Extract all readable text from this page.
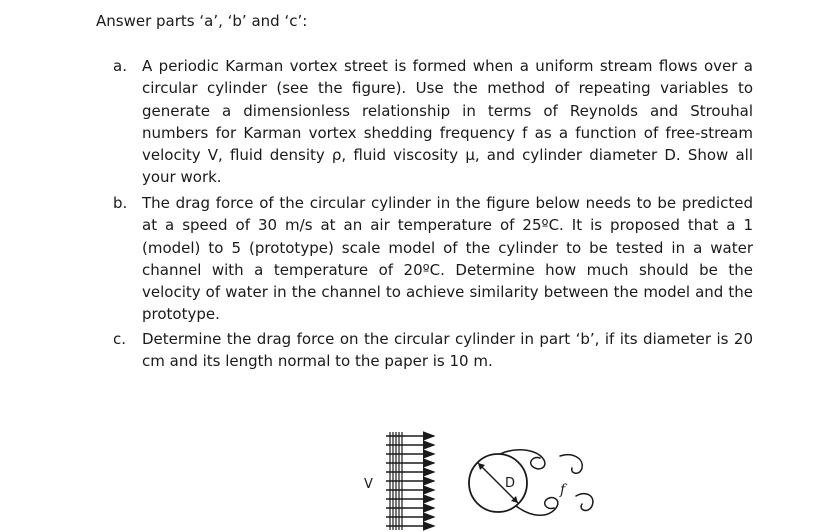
Answer parts ‘a’, ‘b’ and ‘c’:

a.	A periodic Karman vortex street is formed when a uniform stream flows over a circular cylinder (see the figure). Use the method of repeating variables to generate a dimensionless relationship in terms of Reynolds and Strouhal numbers for Karman vortex shedding frequency f as a function of free-stream velocity V, fluid density ρ, fluid viscosity μ, and cylinder diameter D. Show all your work.
b. The drag force of the circular cylinder in the figure below needs to be predicted at a speed of 30 m/s at an air temperature of 25ºC. It is proposed that a 1 (model) to 5 (prototype) scale model of the cylinder to be tested in a water channel with a temperature of 20ºC. Determine how much should be the velocity of water in the channel to achieve similarity between the model and the prototype.
c.	Determine the drag force on the circular cylinder in part ‘b’, if its diameter is 20 cm and its length normal to the paper is 10 m.
V	D	f
